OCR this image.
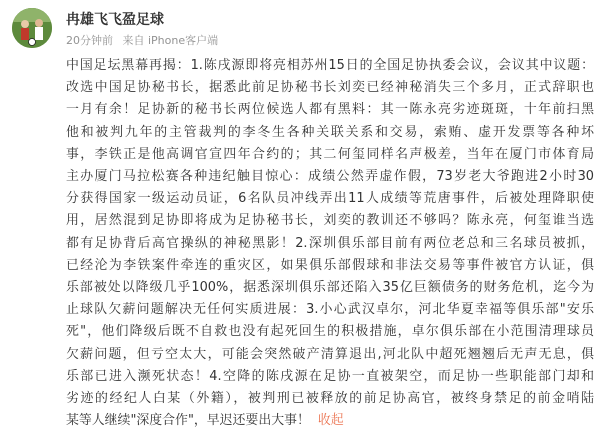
冉雄飞飞盈足球
20分钟前 来自 iPhone客户端
中国足坛黑幕再揭：1.陈戌源即将亮相苏州15日的全国足协执委会议，会议其中议题：
改选中国足协秘书长，据悉此前足协秘书长刘奕已经神秘消失三个多月，正式辞职也
一月有余！足协新的秘书长两位候选人都有黑料：其一陈永亮劣迹斑斑，十年前扫黑
他和被判九年的主管裁判的李冬生各种关联关系和交易，索贿、虚开发票等各种坏
事，李铁正是他高调官宣四年合约的；其二何玺同样名声极差，当年在厦门市体育局
主办厦门马拉松赛各种违纪触目惊心：成绩公然弄虚作假，73岁老大爷跑进2小时30
分获得国家一级运动员证，6名队员冲线弄出11人成绩等荒唐事件，后被处理降职使
用，居然混到足协即将成为足协秘书长，刘奕的教训还不够吗？陈永亮，何玺谁当选
都有足协背后高官操纵的神秘黑影！2.深圳俱乐部目前有两位老总和三名球员被抓，
已经沦为李铁案件牵连的重灾区，如果俱乐部假球和非法交易等事件被官方认证，俱
乐部被处以降级几乎100%，据悉深圳俱乐部还陷入35亿巨额债务的财务危机，迄今为
止球队欠薪问题解决无任何实质进展：3.小心武汉卓尔，河北华夏幸福等俱乐部"安乐
死"，他们降级后既不自救也没有起死回生的积极措施，卓尔俱乐部在小范围清理球员
欠薪问题，但亏空太大，可能会突然破产清算退出,河北队中超死翘翘后无声无息，俱
乐部已进入濒死状态！4.空降的陈戌源在足协一直被架空，而足协一些职能部门却和
劣迹的经纪人白某（外籍），被判刑已被释放的前足协高官，被终身禁足的前金哨陆
某等人继续"深度合作"，早迟还要出大事！ 收起
